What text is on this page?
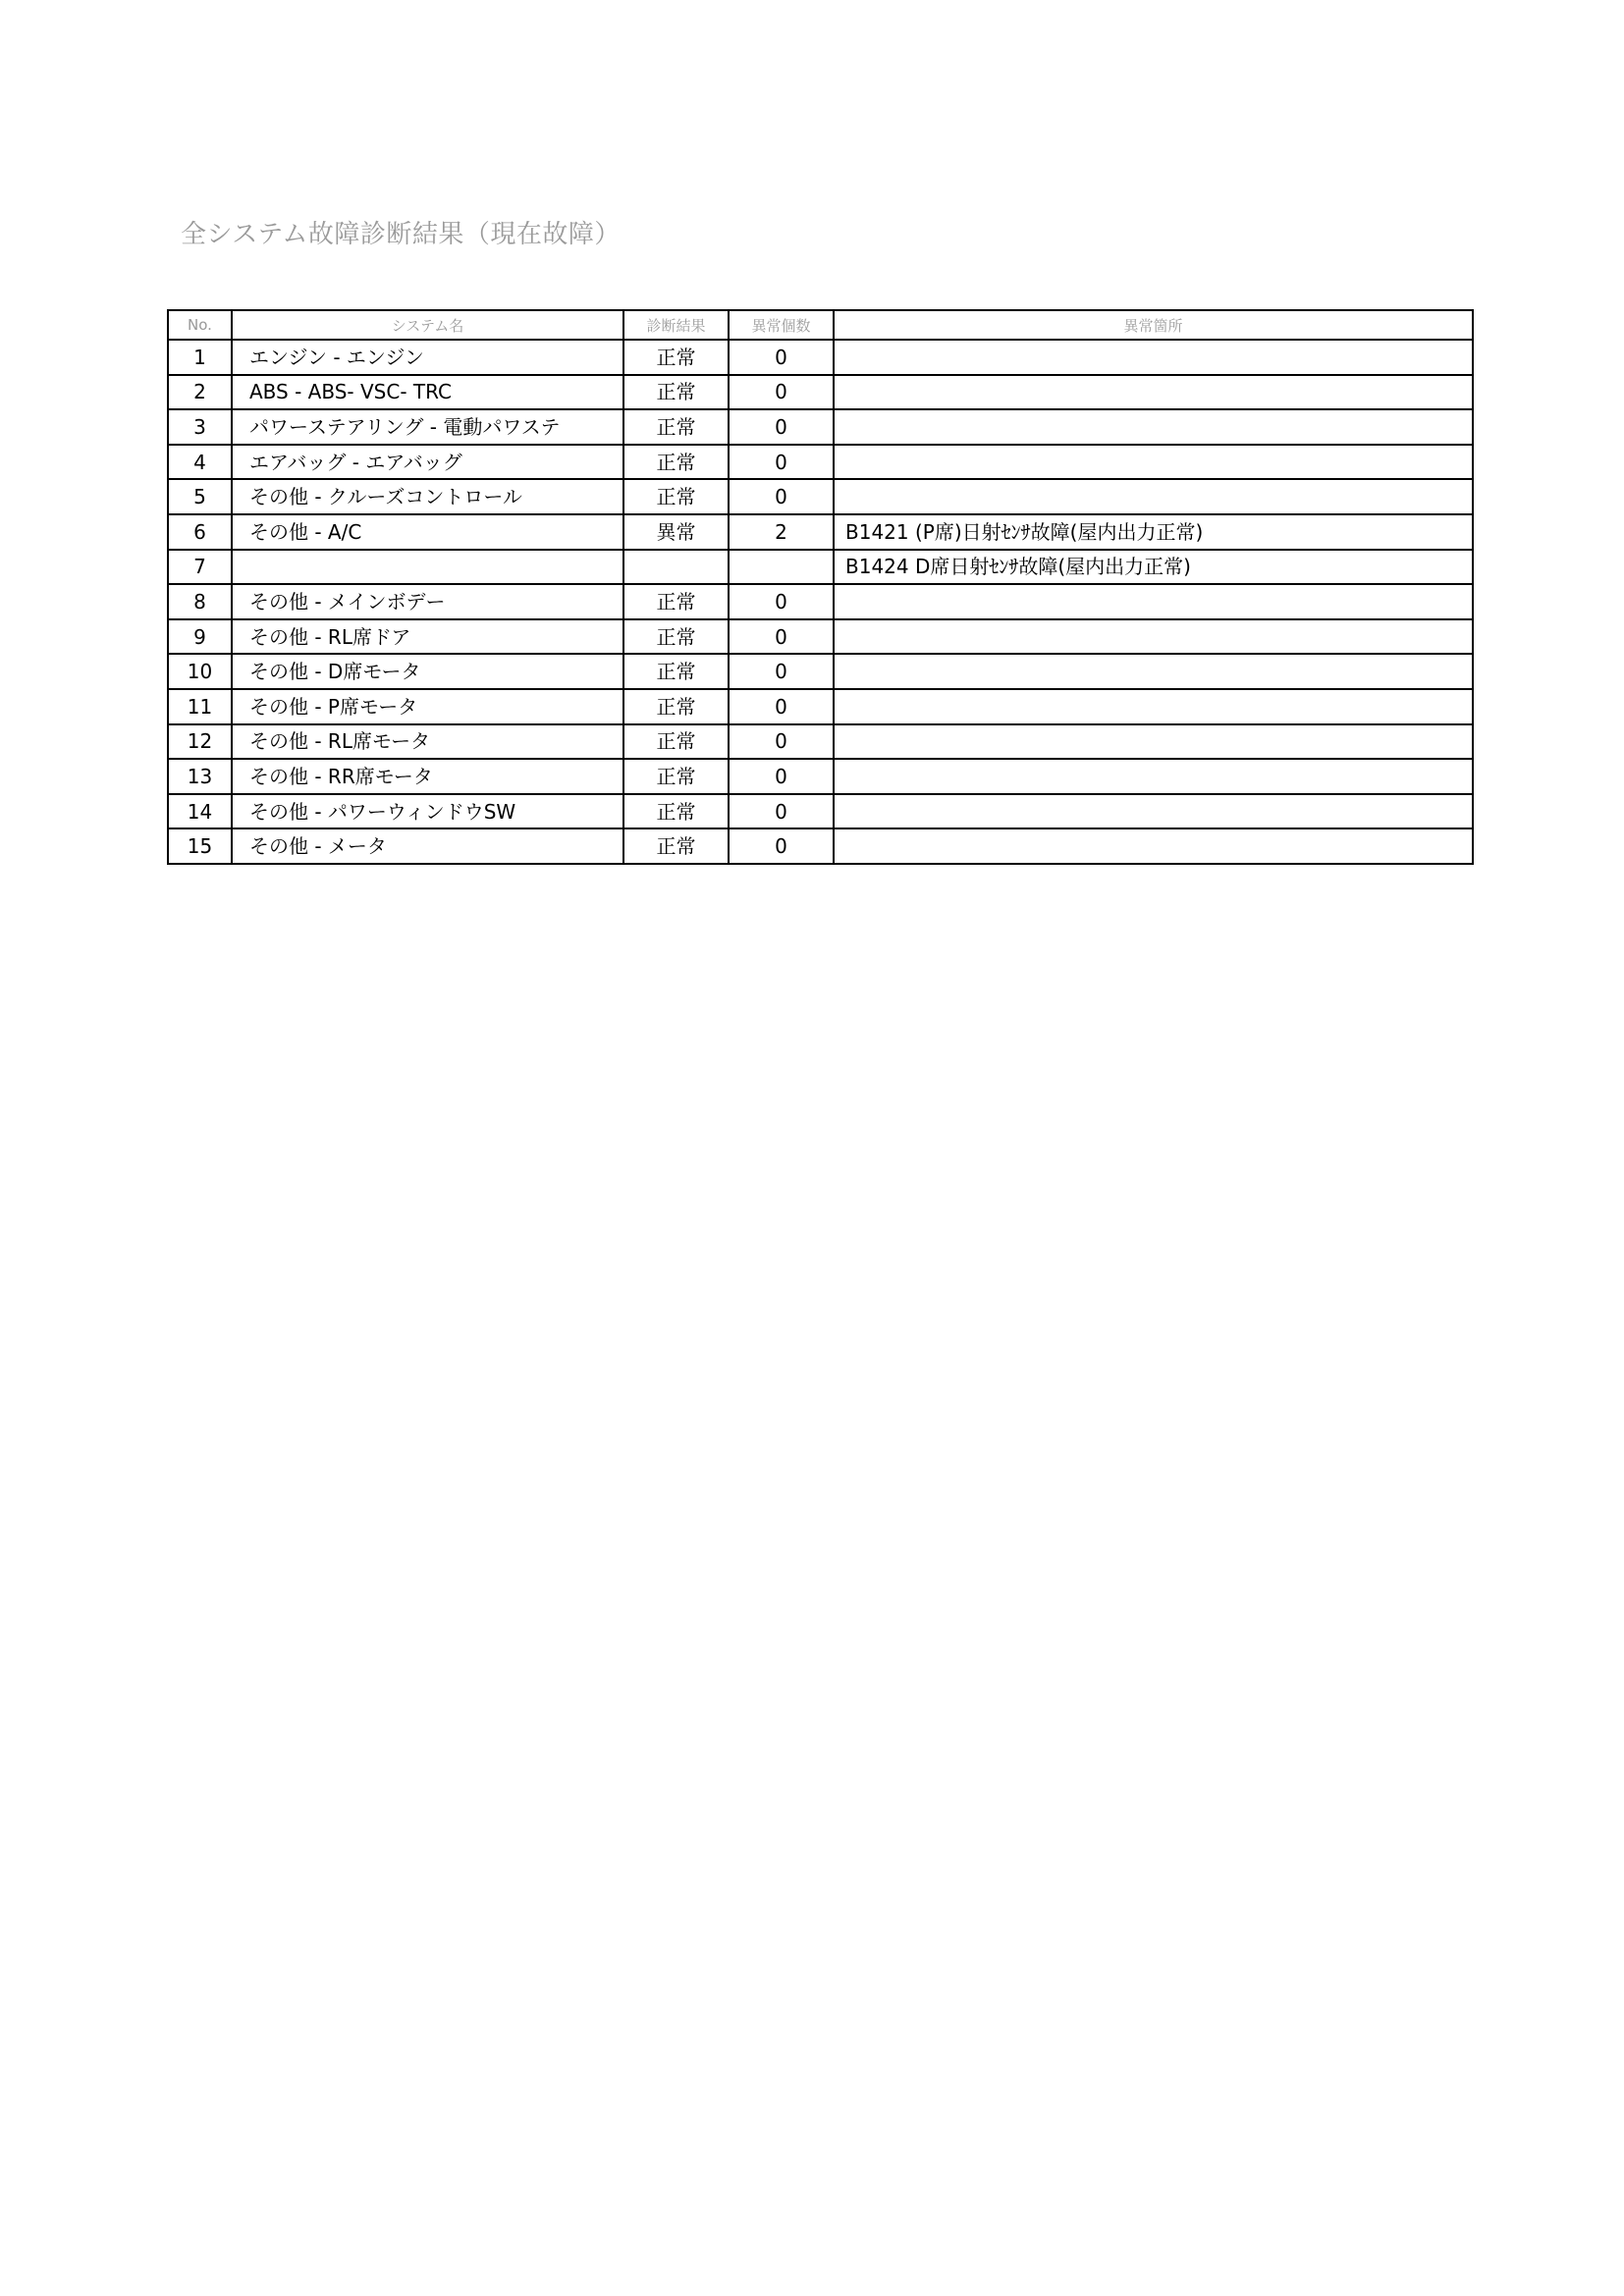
全システム故障診断結果（現在故障）
No.	システム名	診断結果	異常個数	異常箇所
1	エンジン - エンジン	正常	0	
2	ABS - ABS- VSC- TRC	正常	0	
3	パワーステアリング - 電動パワステ	正常	0	
4	エアバッグ - エアバッグ	正常	0	
5	その他 - クルーズコントロール	正常	0	
6	その他 - A/C	異常	2	B1421 (P席)日射ｾﾝｻ故障(屋内出力正常)
7				B1424 D席日射ｾﾝｻ故障(屋内出力正常)
8	その他 - メインボデー	正常	0	
9	その他 - RL席ドア	正常	0	
10	その他 - D席モータ	正常	0	
11	その他 - P席モータ	正常	0	
12	その他 - RL席モータ	正常	0	
13	その他 - RR席モータ	正常	0	
14	その他 - パワーウィンドウSW	正常	0	
15	その他 - メータ	正常	0	
